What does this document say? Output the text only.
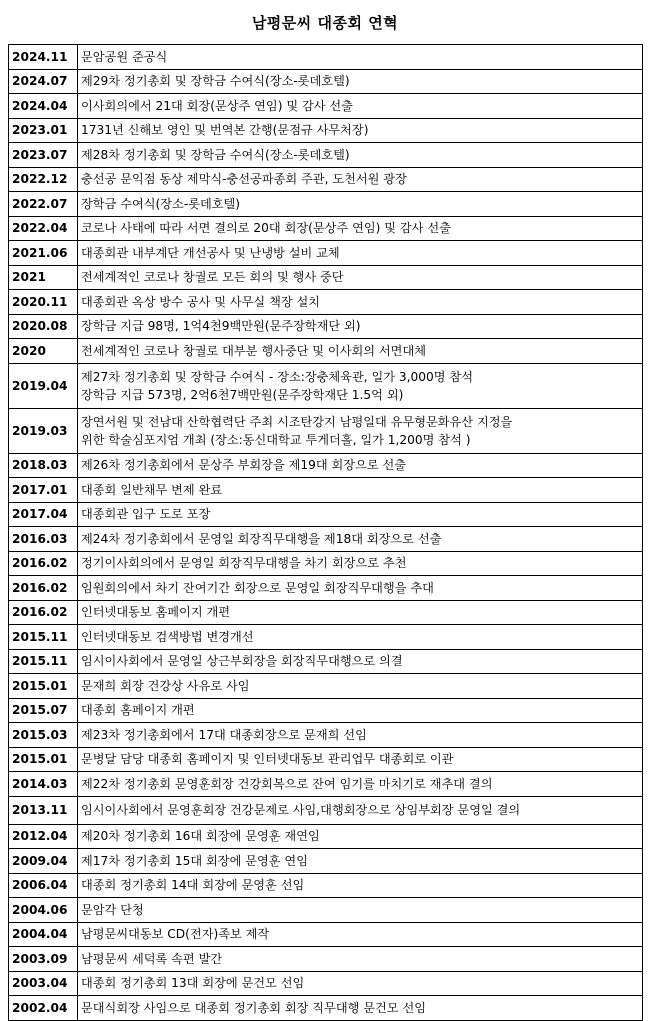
남평문씨 대종회 연혁
2024.11	문암공원 준공식
2024.07	제29차 정기총회 및 장학금 수여식(장소-롯데호텔)
2024.04	이사회의에서 21대 회장(문상주 연임) 및 감사 선출
2023.01	1731년 신해보 영인 및 번역본 간행(문점규 사무처장)
2023.07	제28차 정기총회 및 장학금 수여식(장소-롯데호텔)
2022.12	충선공 문익점 동상 제막식-충선공파종회 주관, 도천서원 광장
2022.07	장학금 수여식(장소-롯데호텔)
2022.04	코로나 사태에 따라 서면 결의로 20대 회장(문상주 연임) 및 감사 선출
2021.06	대종회관 내부계단 개선공사 및 난냉방 설비 교체
2021	전세계적인 코로나 창궐로 모든 회의 및 행사 중단
2020.11	대종회관 옥상 방수 공사 및 사무실 책장 설치
2020.08	장학금 지급 98명, 1억4천9백만원(문주장학재단 외)
2020	전세계적인 코로나 창궐로 대부분 행사중단 및 이사회의 서면대체
2019.04	제27차 정기총회 및 장학금 수여식 - 장소:장충체육관, 일가 3,000명 참석
장학금 지급 573명, 2억6천7백만원(문주장학재단 1.5억 외)
2019.03	장연서원 및 전남대 산학협력단 주최 시조탄강지 남평일대 유무형문화유산 지정을
위한 학술심포지엄 개최 (장소:동신대학교 투게더홀, 일가 1,200명 참석 )
2018.03	제26차 정기총회에서 문상주 부회장을 제19대 회장으로 선출
2017.01	대종회 일반채무 변제 완료
2017.04	대종회관 입구 도로 포장
2016.03	제24차 정기총회에서 문영일 회장직무대행을 제18대 회장으로 선출
2016.02	정기이사회의에서 문영일 회장직무대행을 차기 회장으로 추천
2016.02	임원회의에서 차기 잔여기간 회장으로 문영일 회장직무대행을 추대
2016.02	인터넷대동보 홈페이지 개편
2015.11	인터넷대동보 검색방법 변경개선
2015.11	임시이사회에서 문영일 상근부회장을 회장직무대행으로 의결
2015.01	문재희 회장 건강상 사유로 사임
2015.07	대종회 홈페이지 개편
2015.03	제23차 정기총회에서 17대 대종회장으로 문재희 선임
2015.01	문병달 담당 대종회 홈페이지 및 인터넷대동보 관리업무 대종회로 이관
2014.03	제22차 정기총회 문영훈회장 건강회복으로 잔여 임기를 마치기로 재추대 결의
2013.11	임시이사회에서 문영훈회장 건강문제로 사임,대행회장으로 상임부회장 문영일 결의
2012.04	제20차 정기총회 16대 회장에 문영훈 재연임
2009.04	제17차 정기총회 15대 회장에 문영훈 연임
2006.04	대종회 정기총회 14대 회장에 문영훈 선임
2004.06	문암각 단청
2004.04	남평문씨대동보 CD(전자)족보 제작
2003.09	남평문씨 세덕록 속편 발간
2003.04	대종회 정기총회 13대 회장에 문건모 선임
2002.04	문대식회장 사임으로 대종회 정기총회 회장 직무대행 문건모 선임
